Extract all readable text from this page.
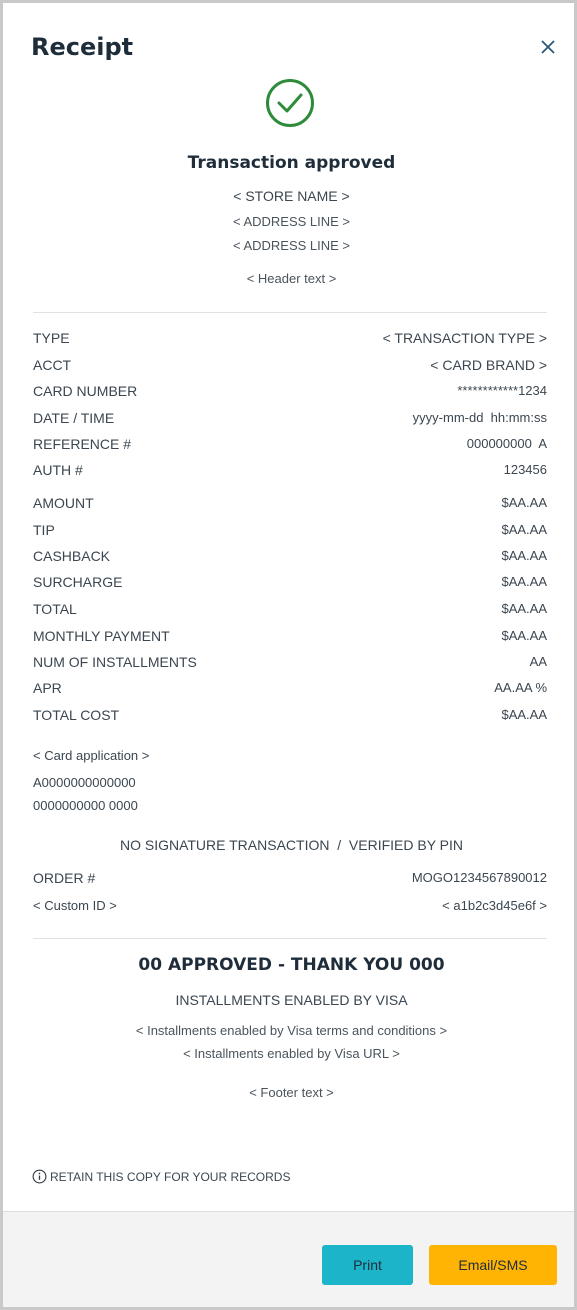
Receipt
Transaction approved
< STORE NAME >
< ADDRESS LINE >
< ADDRESS LINE >
< Header text >
TYPE	< TRANSACTION TYPE >
ACCT	< CARD BRAND >
CARD NUMBER	************1234
DATE / TIME	yyyy-mm-dd  hh:mm:ss
REFERENCE #	000000000  A
AUTH #	123456
AMOUNT	$AA.AA
TIP	$AA.AA
CASHBACK	$AA.AA
SURCHARGE	$AA.AA
TOTAL	$AA.AA
MONTHLY PAYMENT	$AA.AA
NUM OF INSTALLMENTS	AA
APR	AA.AA %
TOTAL COST	$AA.AA
< Card application >
A0000000000000
0000000000 0000
NO SIGNATURE TRANSACTION  /  VERIFIED BY PIN
ORDER #	MOGO1234567890012
< Custom ID >	< a1b2c3d45e6f >
00 APPROVED - THANK YOU 000
INSTALLMENTS ENABLED BY VISA
< Installments enabled by Visa terms and conditions >
< Installments enabled by Visa URL >
< Footer text >
RETAIN THIS COPY FOR YOUR RECORDS
Print	Email/SMS
